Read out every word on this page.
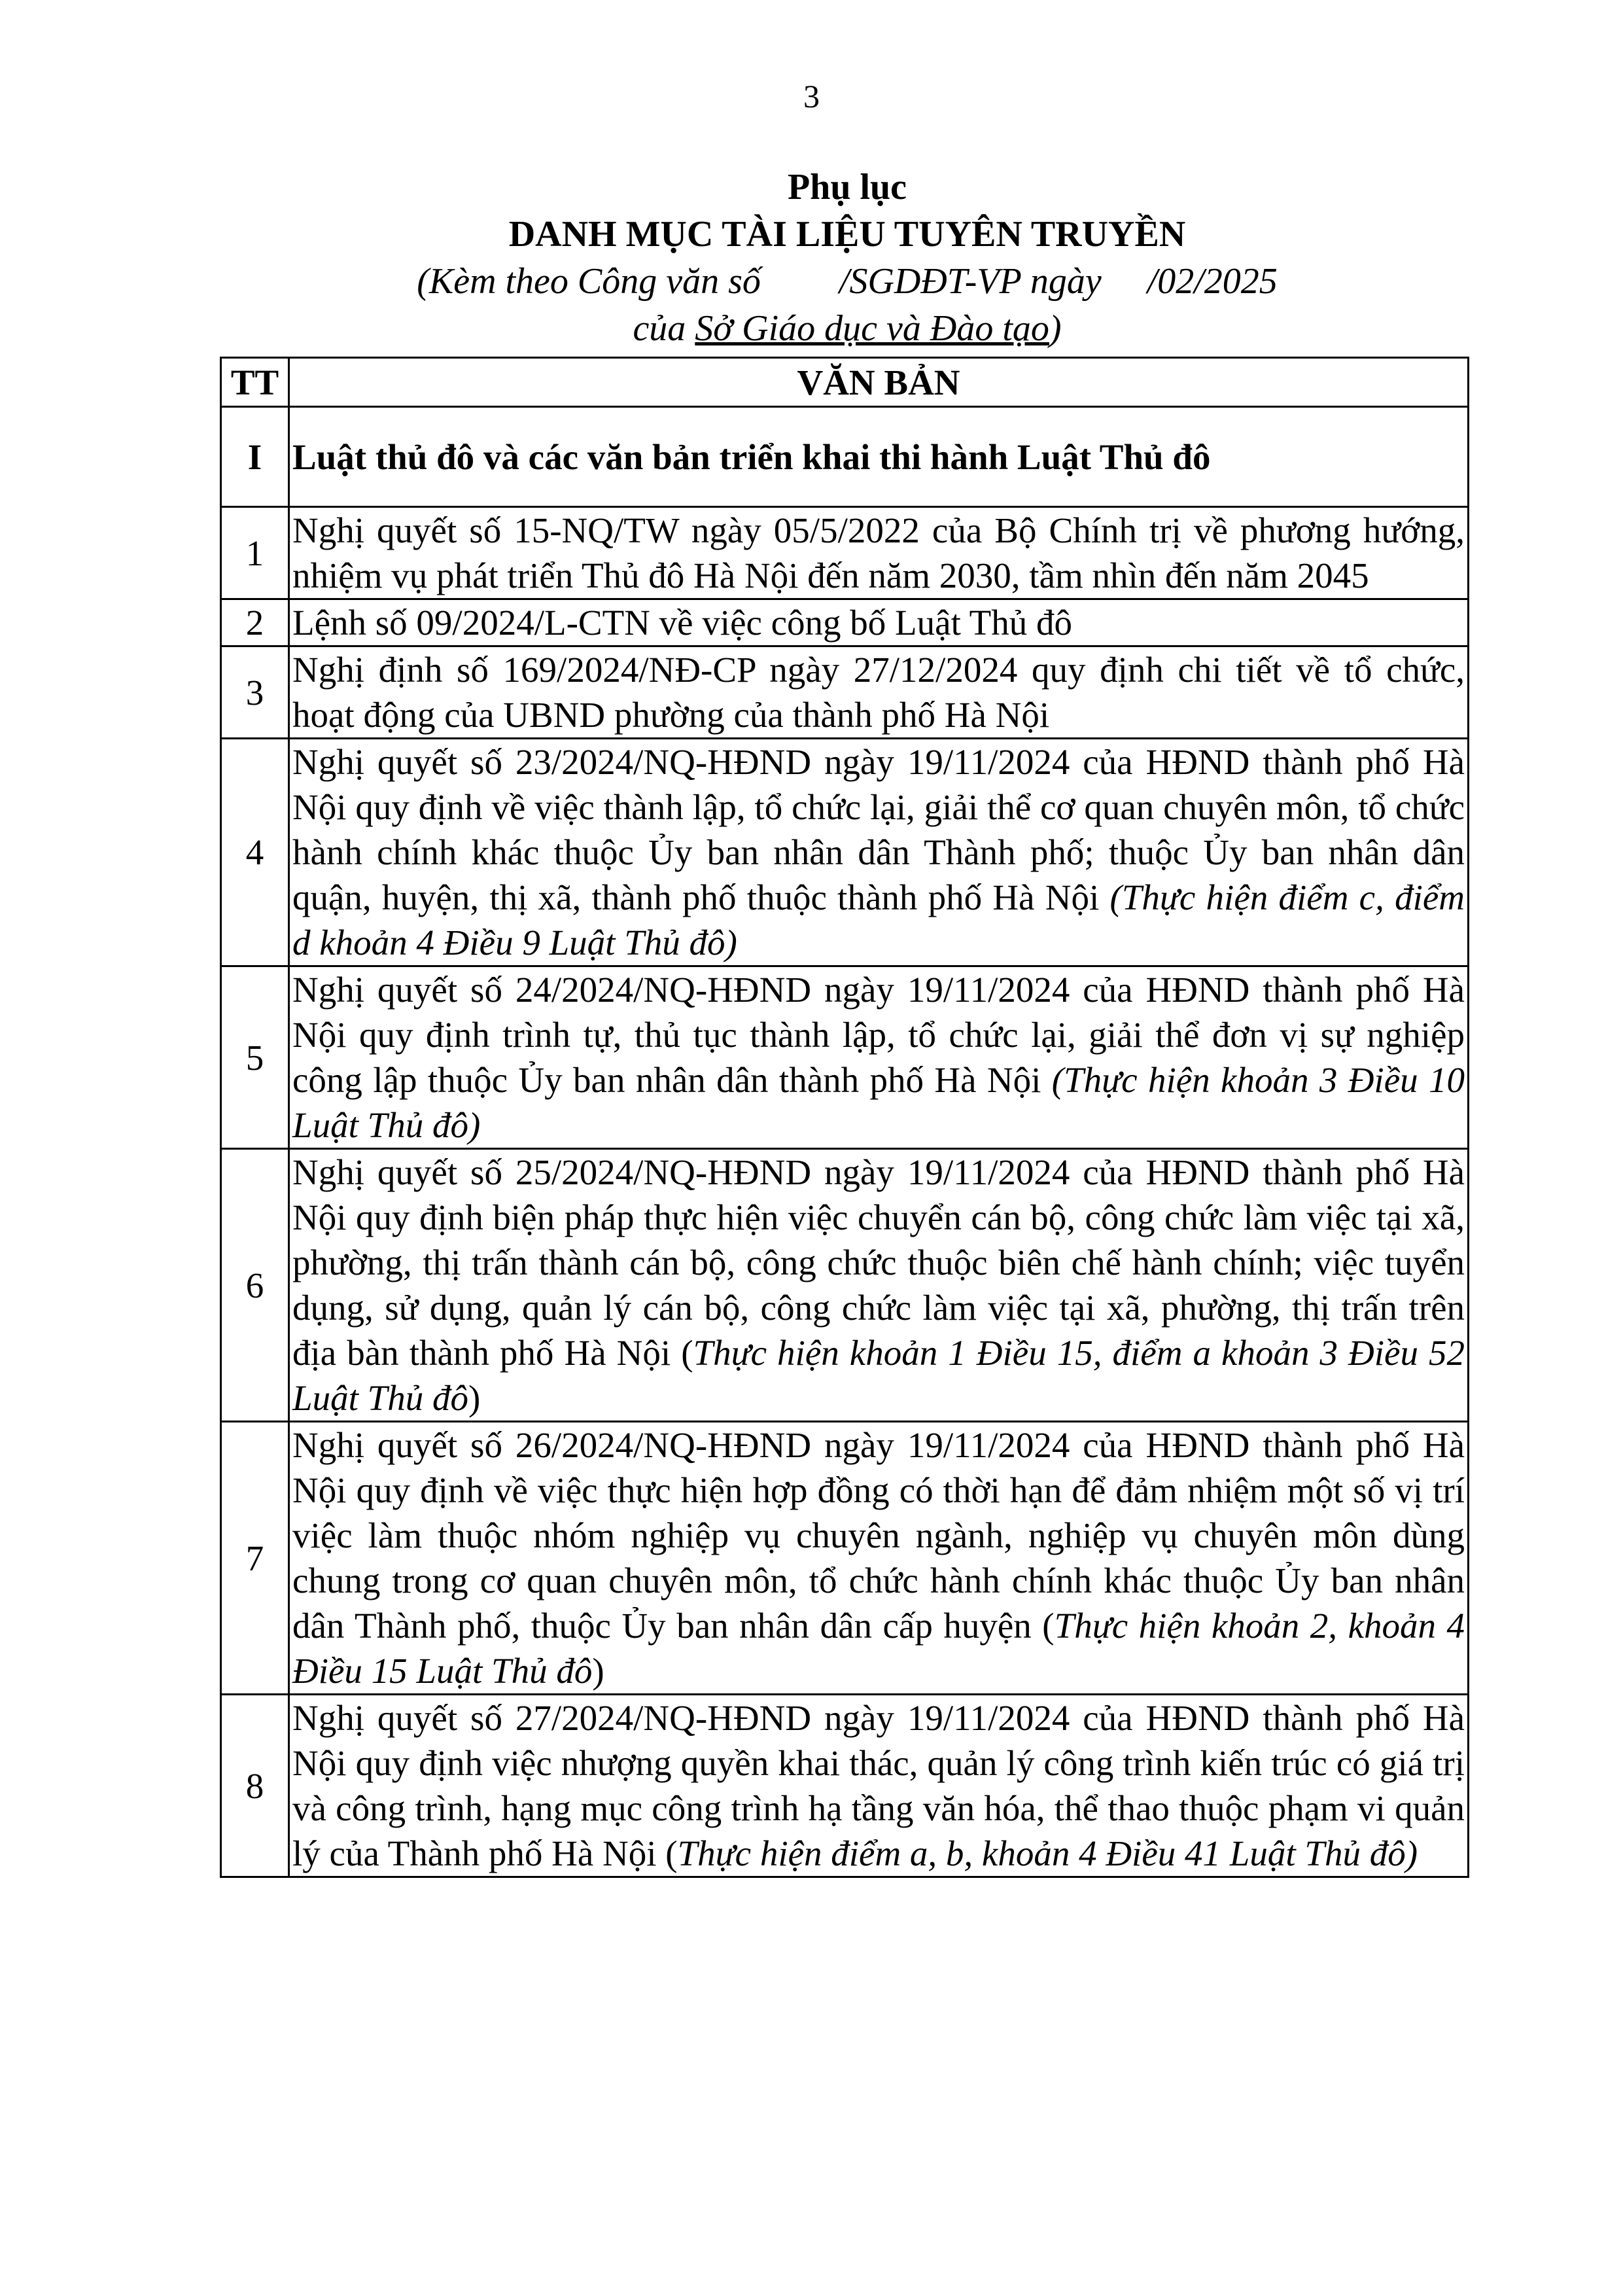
3
Phụ lục
DANH MỤC TÀI LIỆU TUYÊN TRUYỀN
(Kèm theo Công văn số /SGDĐT-VP ngày /02/2025
của Sở Giáo dục và Đào tạo)
TT	VĂN BẢN
I	Luật thủ đô và các văn bản triển khai thi hành Luật Thủ đô
1	Nghị quyết số 15-NQ/TW ngày 05/5/2022 của Bộ Chính trị về phương hướng, nhiệm vụ phát triển Thủ đô Hà Nội đến năm 2030, tầm nhìn đến năm 2045
2	Lệnh số 09/2024/L-CTN về việc công bố Luật Thủ đô
3	Nghị định số 169/2024/NĐ-CP ngày 27/12/2024 quy định chi tiết về tổ chức, hoạt động của UBND phường của thành phố Hà Nội
4	Nghị quyết số 23/2024/NQ-HĐND ngày 19/11/2024 của HĐND thành phố Hà Nội quy định về việc thành lập, tổ chức lại, giải thể cơ quan chuyên môn, tổ chức hành chính khác thuộc Ủy ban nhân dân Thành phố; thuộc Ủy ban nhân dân quận, huyện, thị xã, thành phố thuộc thành phố Hà Nội (Thực hiện điểm c, điểm d khoản 4 Điều 9 Luật Thủ đô)
5	Nghị quyết số 24/2024/NQ-HĐND ngày 19/11/2024 của HĐND thành phố Hà Nội quy định trình tự, thủ tục thành lập, tổ chức lại, giải thể đơn vị sự nghiệp công lập thuộc Ủy ban nhân dân thành phố Hà Nội (Thực hiện khoản 3 Điều 10 Luật Thủ đô)
6	Nghị quyết số 25/2024/NQ-HĐND ngày 19/11/2024 của HĐND thành phố Hà Nội quy định biện pháp thực hiện việc chuyển cán bộ, công chức làm việc tại xã, phường, thị trấn thành cán bộ, công chức thuộc biên chế hành chính; việc tuyển dụng, sử dụng, quản lý cán bộ, công chức làm việc tại xã, phường, thị trấn trên địa bàn thành phố Hà Nội (Thực hiện khoản 1 Điều 15, điểm a khoản 3 Điều 52 Luật Thủ đô)
7	Nghị quyết số 26/2024/NQ-HĐND ngày 19/11/2024 của HĐND thành phố Hà Nội quy định về việc thực hiện hợp đồng có thời hạn để đảm nhiệm một số vị trí việc làm thuộc nhóm nghiệp vụ chuyên ngành, nghiệp vụ chuyên môn dùng chung trong cơ quan chuyên môn, tổ chức hành chính khác thuộc Ủy ban nhân dân Thành phố, thuộc Ủy ban nhân dân cấp huyện (Thực hiện khoản 2, khoản 4 Điều 15 Luật Thủ đô)
8	Nghị quyết số 27/2024/NQ-HĐND ngày 19/11/2024 của HĐND thành phố Hà Nội quy định việc nhượng quyền khai thác, quản lý công trình kiến trúc có giá trị và công trình, hạng mục công trình hạ tầng văn hóa, thể thao thuộc phạm vi quản lý của Thành phố Hà Nội (Thực hiện điểm a, b, khoản 4 Điều 41 Luật Thủ đô)
